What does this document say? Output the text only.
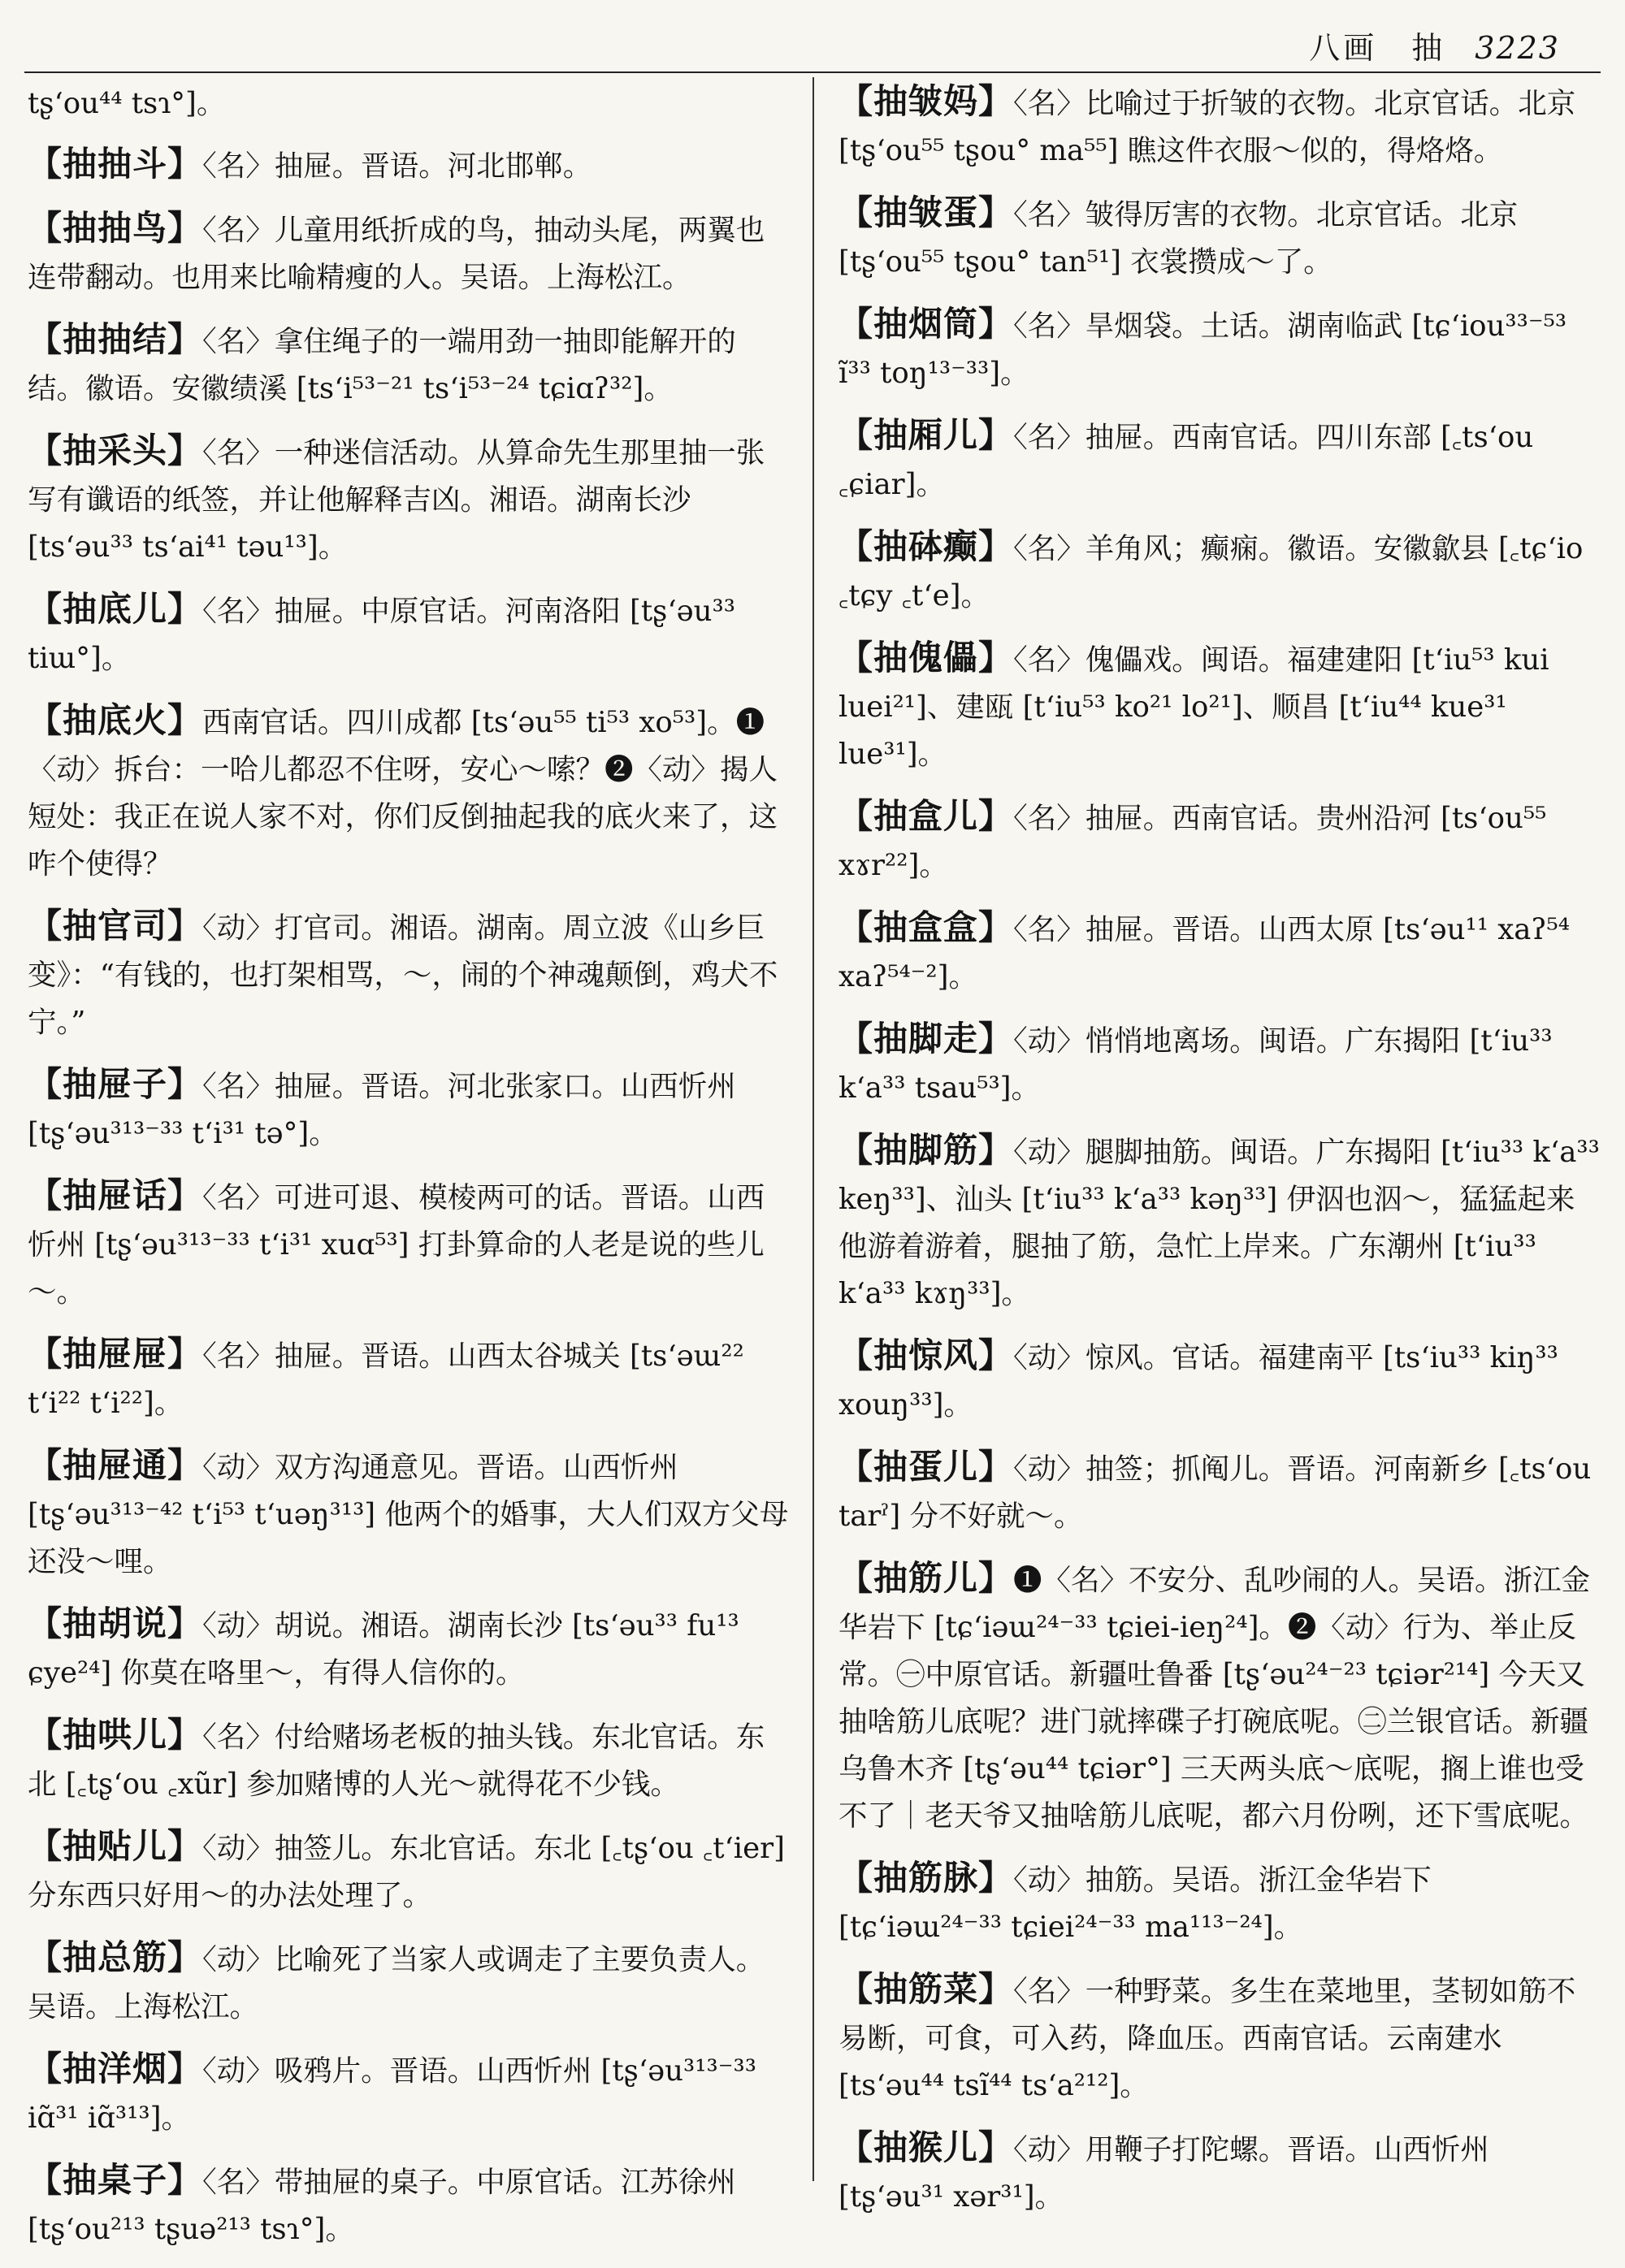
八画　抽 3223

tʂ‘ou⁴⁴ tsɿ°]。

【抽抽斗】〈名〉抽屉。晋语。河北邯郸。

【抽抽鸟】〈名〉儿童用纸折成的鸟，抽动头尾，两翼也连带翻动。也用来比喻精瘦的人。吴语。上海松江。

【抽抽结】〈名〉拿住绳子的一端用劲一抽即能解开的结。徽语。安徽绩溪 [ts‘i⁵³⁻²¹ ts‘i⁵³⁻²⁴ tɕiɑʔ³²]。

【抽采头】〈名〉一种迷信活动。从算命先生那里抽一张写有谶语的纸签，并让他解释吉凶。湘语。湖南长沙 [ts‘əu³³ ts‘ai⁴¹ təu¹³]。

【抽底儿】〈名〉抽屉。中原官话。河南洛阳 [tʂ‘əu³³ tiɯ°]。

【抽底火】西南官话。四川成都 [ts‘əu⁵⁵ ti⁵³ xo⁵³]。❶〈动〉拆台：一哈儿都忍不住呀，安心～嗦？❷〈动〉揭人短处：我正在说人家不对，你们反倒抽起我的底火来了，这咋个使得？

【抽官司】〈动〉打官司。湘语。湖南。周立波《山乡巨变》：“有钱的，也打架相骂，～，闹的个神魂颠倒，鸡犬不宁。”

【抽屉子】〈名〉抽屉。晋语。河北张家口。山西忻州 [tʂ‘əu³¹³⁻³³ t‘i³¹ tə°]。

【抽屉话】〈名〉可进可退、模棱两可的话。晋语。山西忻州 [tʂ‘əu³¹³⁻³³ t‘i³¹ xuɑ⁵³] 打卦算命的人老是说的些儿～。

【抽屉屉】〈名〉抽屉。晋语。山西太谷城关 [ts‘əɯ²² t‘i²² t‘i²²]。

【抽屉通】〈动〉双方沟通意见。晋语。山西忻州 [tʂ‘əu³¹³⁻⁴² t‘i⁵³ t‘uəŋ³¹³] 他两个的婚事，大人们双方父母还没～哩。

【抽胡说】〈动〉胡说。湘语。湖南长沙 [ts‘əu³³ fu¹³ ɕye²⁴] 你莫在咯里～，有得人信你的。

【抽哄儿】〈名〉付给赌场老板的抽头钱。东北官话。东北 [꜀tʂ‘ou ꜀xũr] 参加赌博的人光～就得花不少钱。

【抽贴儿】〈动〉抽签儿。东北官话。东北 [꜀tʂ‘ou ꜀t‘ier] 分东西只好用～的办法处理了。

【抽总筋】〈动〉比喻死了当家人或调走了主要负责人。吴语。上海松江。

【抽洋烟】〈动〉吸鸦片。晋语。山西忻州 [tʂ‘əu³¹³⁻³³ iɑ̃³¹ iɑ̃³¹³]。

【抽桌子】〈名〉带抽屉的桌子。中原官话。江苏徐州 [tʂ‘ou²¹³ tʂuə²¹³ tsɿ°]。

【抽皱妈】〈名〉比喻过于折皱的衣物。北京官话。北京 [tʂ‘ou⁵⁵ tʂou° ma⁵⁵] 瞧这件衣服～似的，得烙烙。

【抽皱蛋】〈名〉皱得厉害的衣物。北京官话。北京 [tʂ‘ou⁵⁵ tʂou° tan⁵¹] 衣裳攒成～了。

【抽烟筒】〈名〉旱烟袋。土话。湖南临武 [tɕ‘iou³³⁻⁵³ ĩ³³ toŋ¹³⁻³³]。

【抽厢儿】〈名〉抽屉。西南官话。四川东部 [꜀ts‘ou ꜀ɕiar]。

【抽砵癫】〈名〉羊角风；癫痫。徽语。安徽歙县 [꜀tɕ‘io ꜀tɕy ꜀t‘e]。

【抽傀儡】〈名〉傀儡戏。闽语。福建建阳 [t‘iu⁵³ kui luei²¹]、建瓯 [t‘iu⁵³ ko²¹ lo²¹]、顺昌 [t‘iu⁴⁴ kue³¹ lue³¹]。

【抽盒儿】〈名〉抽屉。西南官话。贵州沿河 [ts‘ou⁵⁵ xɤr²²]。

【抽盒盒】〈名〉抽屉。晋语。山西太原 [ts‘əu¹¹ xaʔ⁵⁴ xaʔ⁵⁴⁻²]。

【抽脚走】〈动〉悄悄地离场。闽语。广东揭阳 [t‘iu³³ k‘a³³ tsau⁵³]。

【抽脚筋】〈动〉腿脚抽筋。闽语。广东揭阳 [t‘iu³³ k‘a³³ keŋ³³]、汕头 [t‘iu³³ k‘a³³ kəŋ³³] 伊泅也泅～，猛猛起来他游着游着，腿抽了筋，急忙上岸来。广东潮州 [t‘iu³³ k‘a³³ kɤŋ³³]。

【抽惊风】〈动〉惊风。官话。福建南平 [ts‘iu³³ kiŋ³³ xouŋ³³]。

【抽蛋儿】〈动〉抽签；抓阄儿。晋语。河南新乡 [꜀ts‘ou tarˀ] 分不好就～。

【抽筋儿】❶〈名〉不安分、乱吵闹的人。吴语。浙江金华岩下 [tɕ‘iəɯ²⁴⁻³³ tɕiei-ieŋ²⁴]。❷〈动〉行为、举止反常。㊀中原官话。新疆吐鲁番 [tʂ‘əu²⁴⁻²³ tɕiər²¹⁴] 今天又抽啥筋儿底呢？进门就摔碟子打碗底呢。㊁兰银官话。新疆乌鲁木齐 [tʂ‘əu⁴⁴ tɕiər°] 三天两头底～底呢，搁上谁也受不了｜老天爷又抽啥筋儿底呢，都六月份咧，还下雪底呢。

【抽筋脉】〈动〉抽筋。吴语。浙江金华岩下 [tɕ‘iəɯ²⁴⁻³³ tɕiei²⁴⁻³³ ma¹¹³⁻²⁴]。

【抽筋菜】〈名〉一种野菜。多生在菜地里，茎韧如筋不易断，可食，可入药，降血压。西南官话。云南建水 [ts‘əu⁴⁴ tsĩ⁴⁴ ts‘a²¹²]。

【抽猴儿】〈动〉用鞭子打陀螺。晋语。山西忻州 [tʂ‘əu³¹ xər³¹]。
